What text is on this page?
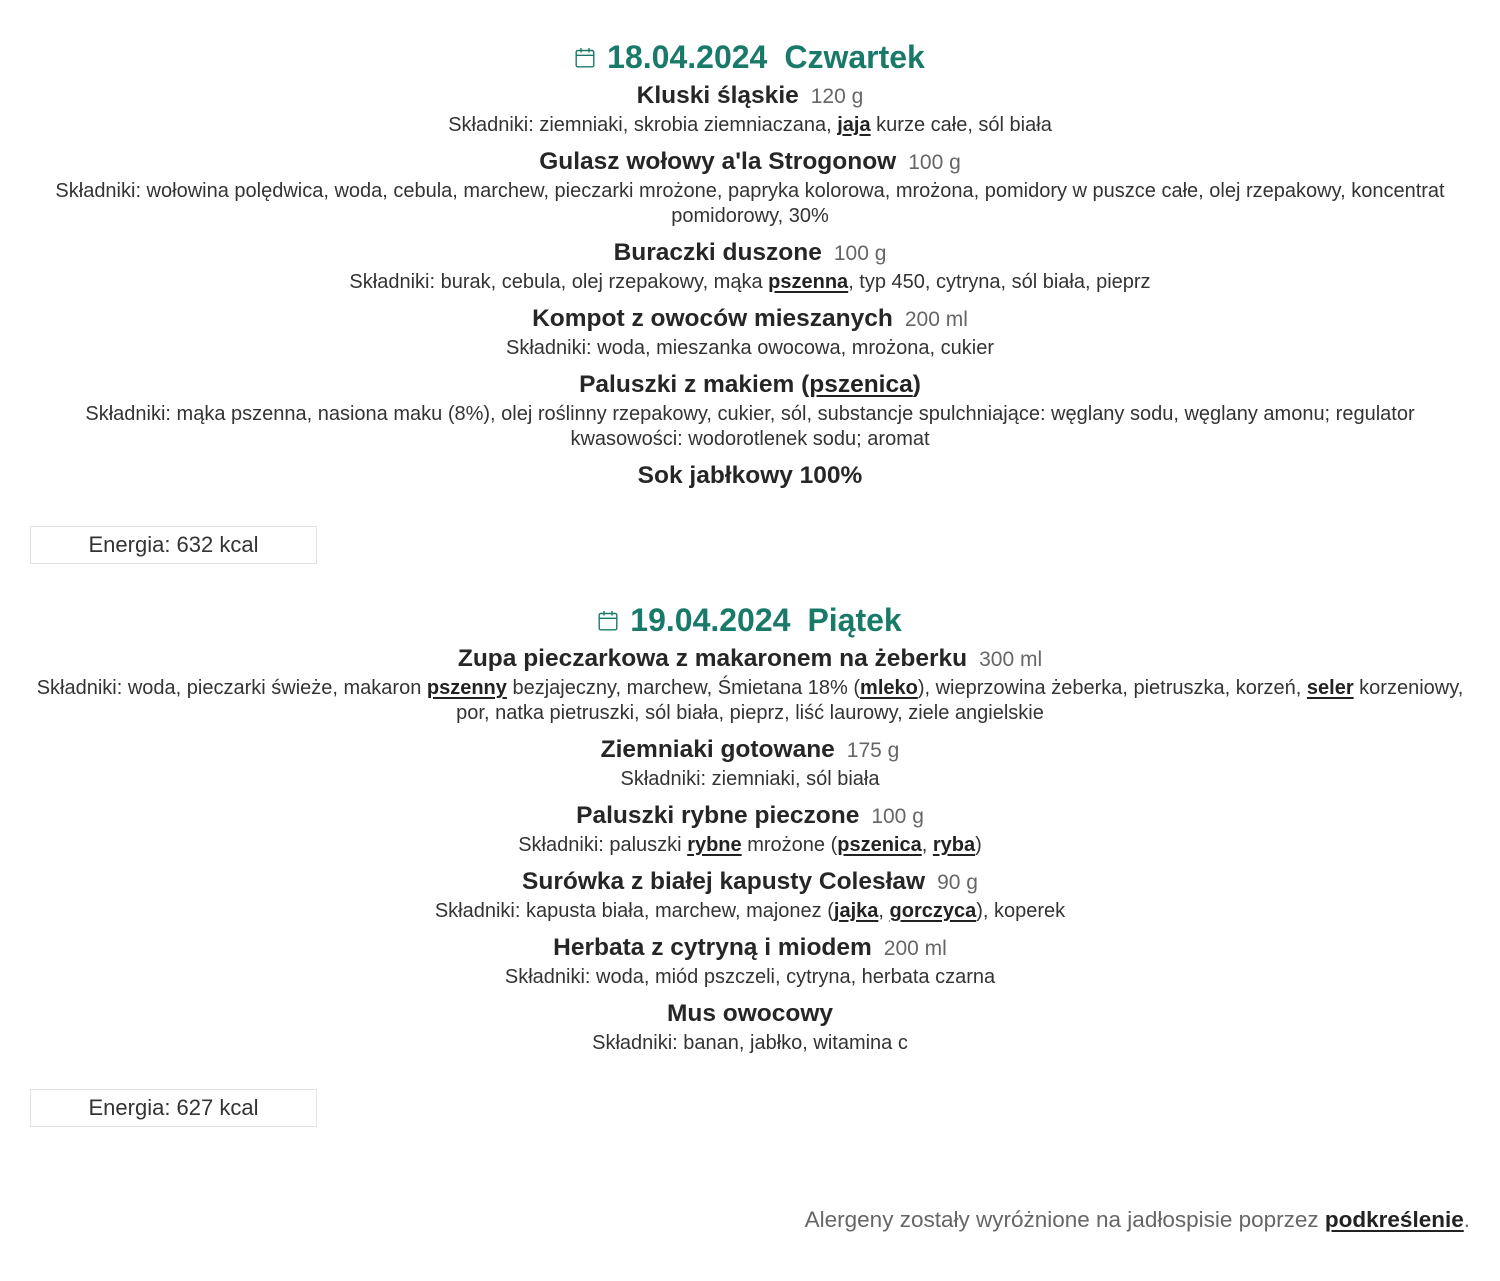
18.04.2024 Czwartek

Kluski śląskie 120 g

Składniki: ziemniaki, skrobia ziemniaczana, jaja kurze całe, sól biała

Gulasz wołowy a'la Strogonow 100 g

Składniki: wołowina polędwica, woda, cebula, marchew, pieczarki mrożone, papryka kolorowa, mrożona, pomidory w puszce całe, olej rzepakowy, koncentrat
pomidorowy, 30%

Buraczki duszone 100 g

Składniki: burak, cebula, olej rzepakowy, mąka pszenna, typ 450, cytryna, sól biała, pieprz

Kompot z owoców mieszanych 200 ml

Składniki: woda, mieszanka owocowa, mrożona, cukier

Paluszki z makiem (pszenica)

Składniki: mąka pszenna, nasiona maku (8%), olej roślinny rzepakowy, cukier, sól, substancje spulchniające: węglany sodu, węglany amonu; regulator
kwasowości: wodorotlenek sodu; aromat

Sok jabłkowy 100%

Energia: 632 kcal
19.04.2024 Piątek

Zupa pieczarkowa z makaronem na żeberku 300 ml

Składniki: woda, pieczarki świeże, makaron pszenny bezjajeczny, marchew, Śmietana 18% (mleko), wieprzowina żeberka, pietruszka, korzeń, seler korzeniowy,
por, natka pietruszki, sól biała, pieprz, liść laurowy, ziele angielskie

Ziemniaki gotowane 175 g

Składniki: ziemniaki, sól biała

Paluszki rybne pieczone 100 g

Składniki: paluszki rybne mrożone (pszenica, ryba)

Surówka z białej kapusty Colesław 90 g

Składniki: kapusta biała, marchew, majonez (jajka, gorczyca), koperek

Herbata z cytryną i miodem 200 ml

Składniki: woda, miód pszczeli, cytryna, herbata czarna

Mus owocowy

Składniki: banan, jabłko, witamina c

Energia: 627 kcal

Alergeny zostały wyróżnione na jadłospisie poprzez podkreślenie.
